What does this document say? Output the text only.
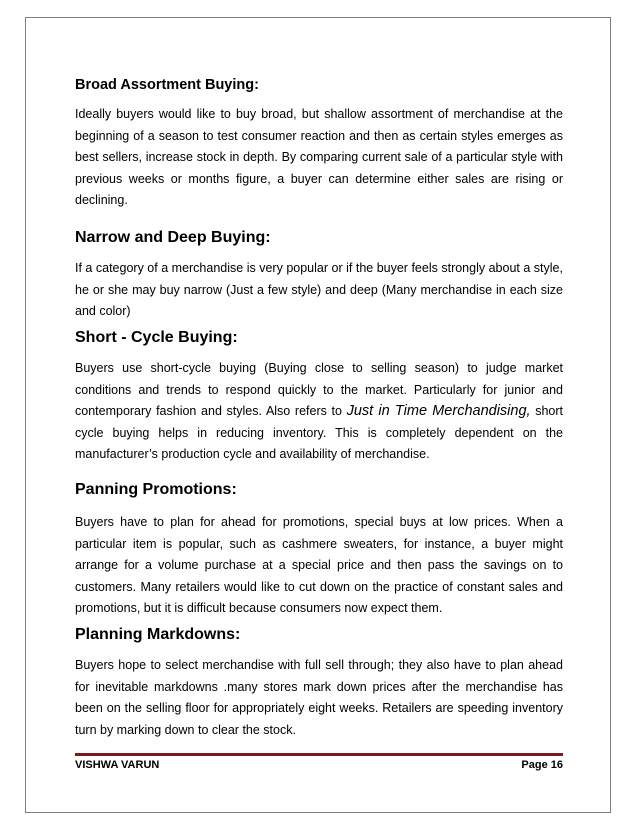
Broad Assortment Buying:

Ideally buyers would like to buy broad, but shallow assortment of merchandise at the beginning of a season to test consumer reaction and then as certain styles emerges as best sellers, increase stock in depth. By comparing current sale of a particular style with previous weeks or months figure, a buyer can determine either sales are rising or declining.

Narrow and Deep Buying:

If a category of a merchandise is very popular or if the buyer feels strongly about a style, he or she may buy narrow (Just a few style) and deep (Many merchandise in each size and color)

Short - Cycle Buying:

Buyers use short-cycle buying (Buying close to selling season) to judge market conditions and trends to respond quickly to the market. Particularly for junior and contemporary fashion and styles. Also refers to Just in Time Merchandising, short cycle buying helps in reducing inventory. This is completely dependent on the manufacturer’s production cycle and availability of merchandise.

Panning Promotions:

Buyers have to plan for ahead for promotions, special buys at low prices. When a particular item is popular, such as cashmere sweaters, for instance, a buyer might arrange for a volume purchase at a special price and then pass the savings on to customers. Many retailers would like to cut down on the practice of constant sales and promotions, but it is difficult because consumers now expect them.

Planning Markdowns:

Buyers hope to select merchandise with full sell through; they also have to plan ahead for inevitable markdowns .many stores mark down prices after the merchandise has been on the selling floor for appropriately eight weeks. Retailers are speeding inventory turn by marking down to clear the stock.

VISHWA VARUN	Page 16
